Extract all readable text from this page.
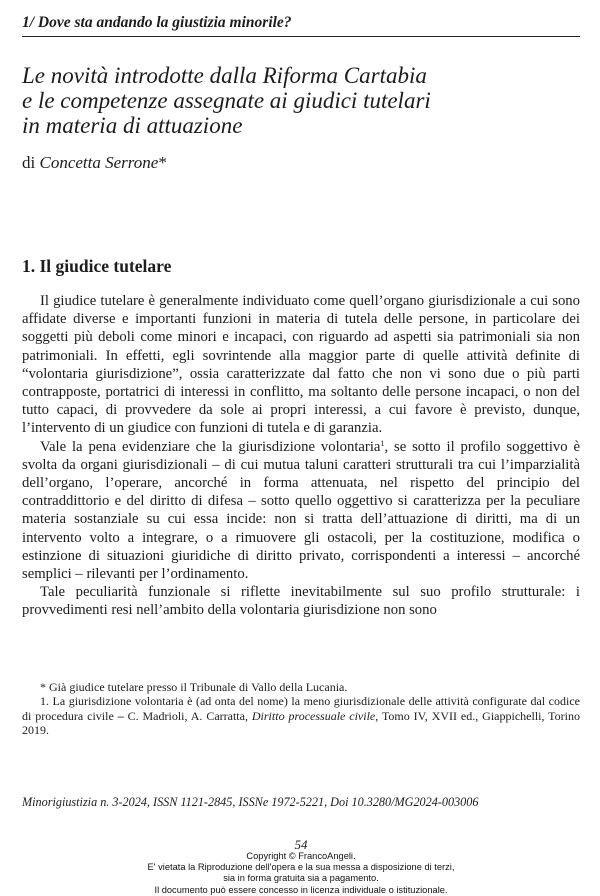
1/ Dove sta andando la giustizia minorile?
Le novità introdotte dalla Riforma Cartabia
e le competenze assegnate ai giudici tutelari
in materia di attuazione
di Concetta Serrone*
1. Il giudice tutelare

Il giudice tutelare è generalmente individuato come quell’organo giurisdizionale a cui sono affidate diverse e importanti funzioni in materia di tutela delle persone, in particolare dei soggetti più deboli come minori e incapaci, con riguardo ad aspetti sia patrimoniali sia non patrimoniali. In effetti, egli sovrintende alla maggior parte di quelle attività definite di “volontaria giurisdizione”, ossia caratterizzate dal fatto che non vi sono due o più parti contrapposte, portatrici di interessi in conflitto, ma soltanto delle persone incapaci, o non del tutto capaci, di provvedere da sole ai propri interessi, a cui favore è previsto, dunque, l’intervento di un giudice con funzioni di tutela e di garanzia.

Vale la pena evidenziare che la giurisdizione volontaria$^1$, se sotto il profilo soggettivo è svolta da organi giurisdizionali – di cui mutua taluni caratteri strutturali tra cui l’imparzialità dell’organo, l’operare, ancorché in forma attenuata, nel rispetto del principio del contraddittorio e del diritto di difesa – sotto quello oggettivo si caratterizza per la peculiare materia sostanziale su cui essa incide: non si tratta dell’attuazione di diritti, ma di un intervento volto a integrare, o a rimuovere gli ostacoli, per la costituzione, modifica o estinzione di situazioni giuridiche di diritto privato, corrispondenti a interessi – ancorché semplici – rilevanti per l’ordinamento.

Tale peculiarità funzionale si riflette inevitabilmente sul suo profilo strutturale: i provvedimenti resi nell’ambito della volontaria giurisdizione non sono

* Già giudice tutelare presso il Tribunale di Vallo della Lucania.

1. La giurisdizione volontaria è (ad onta del nome) la meno giurisdizionale delle attività configurate dal codice di procedura civile – C. Madrioli, A. Carratta, Diritto processuale civile, Tomo IV, XVII ed., Giappichelli, Torino 2019.

Minorigiustizia n. 3-2024, ISSN 1121-2845, ISSNe 1972-5221, Doi 10.3280/MG2024-003006
54
Copyright © FrancoAngeli.
E' vietata la Riproduzione dell'opera e la sua messa a disposizione di terzi,
sia in forma gratuita sia a pagamento.
Il documento può essere concesso in licenza individuale o istituzionale.
